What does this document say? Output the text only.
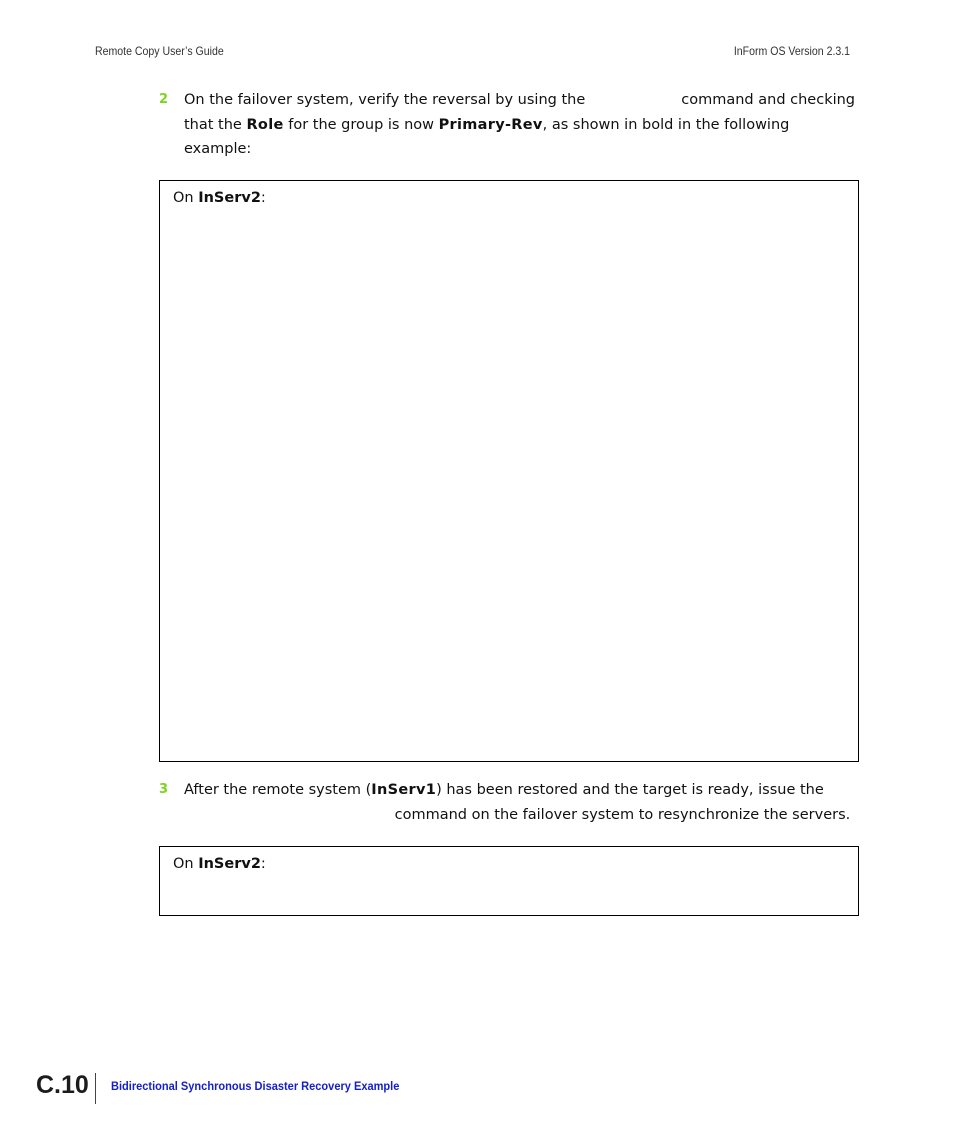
Remote Copy User’s Guide	InForm OS Version 2.3.1
2 On the failover system, verify the reversal by using the	command and checking that the Role for the group is now Primary-Rev, as shown in bold in the following example:
On InServ2:
3 After the remote system (InServ1) has been restored and the target is ready, issue the  command on the failover system to resynchronize the servers.
On InServ2:
C.10 Bidirectional Synchronous Disaster Recovery Example
